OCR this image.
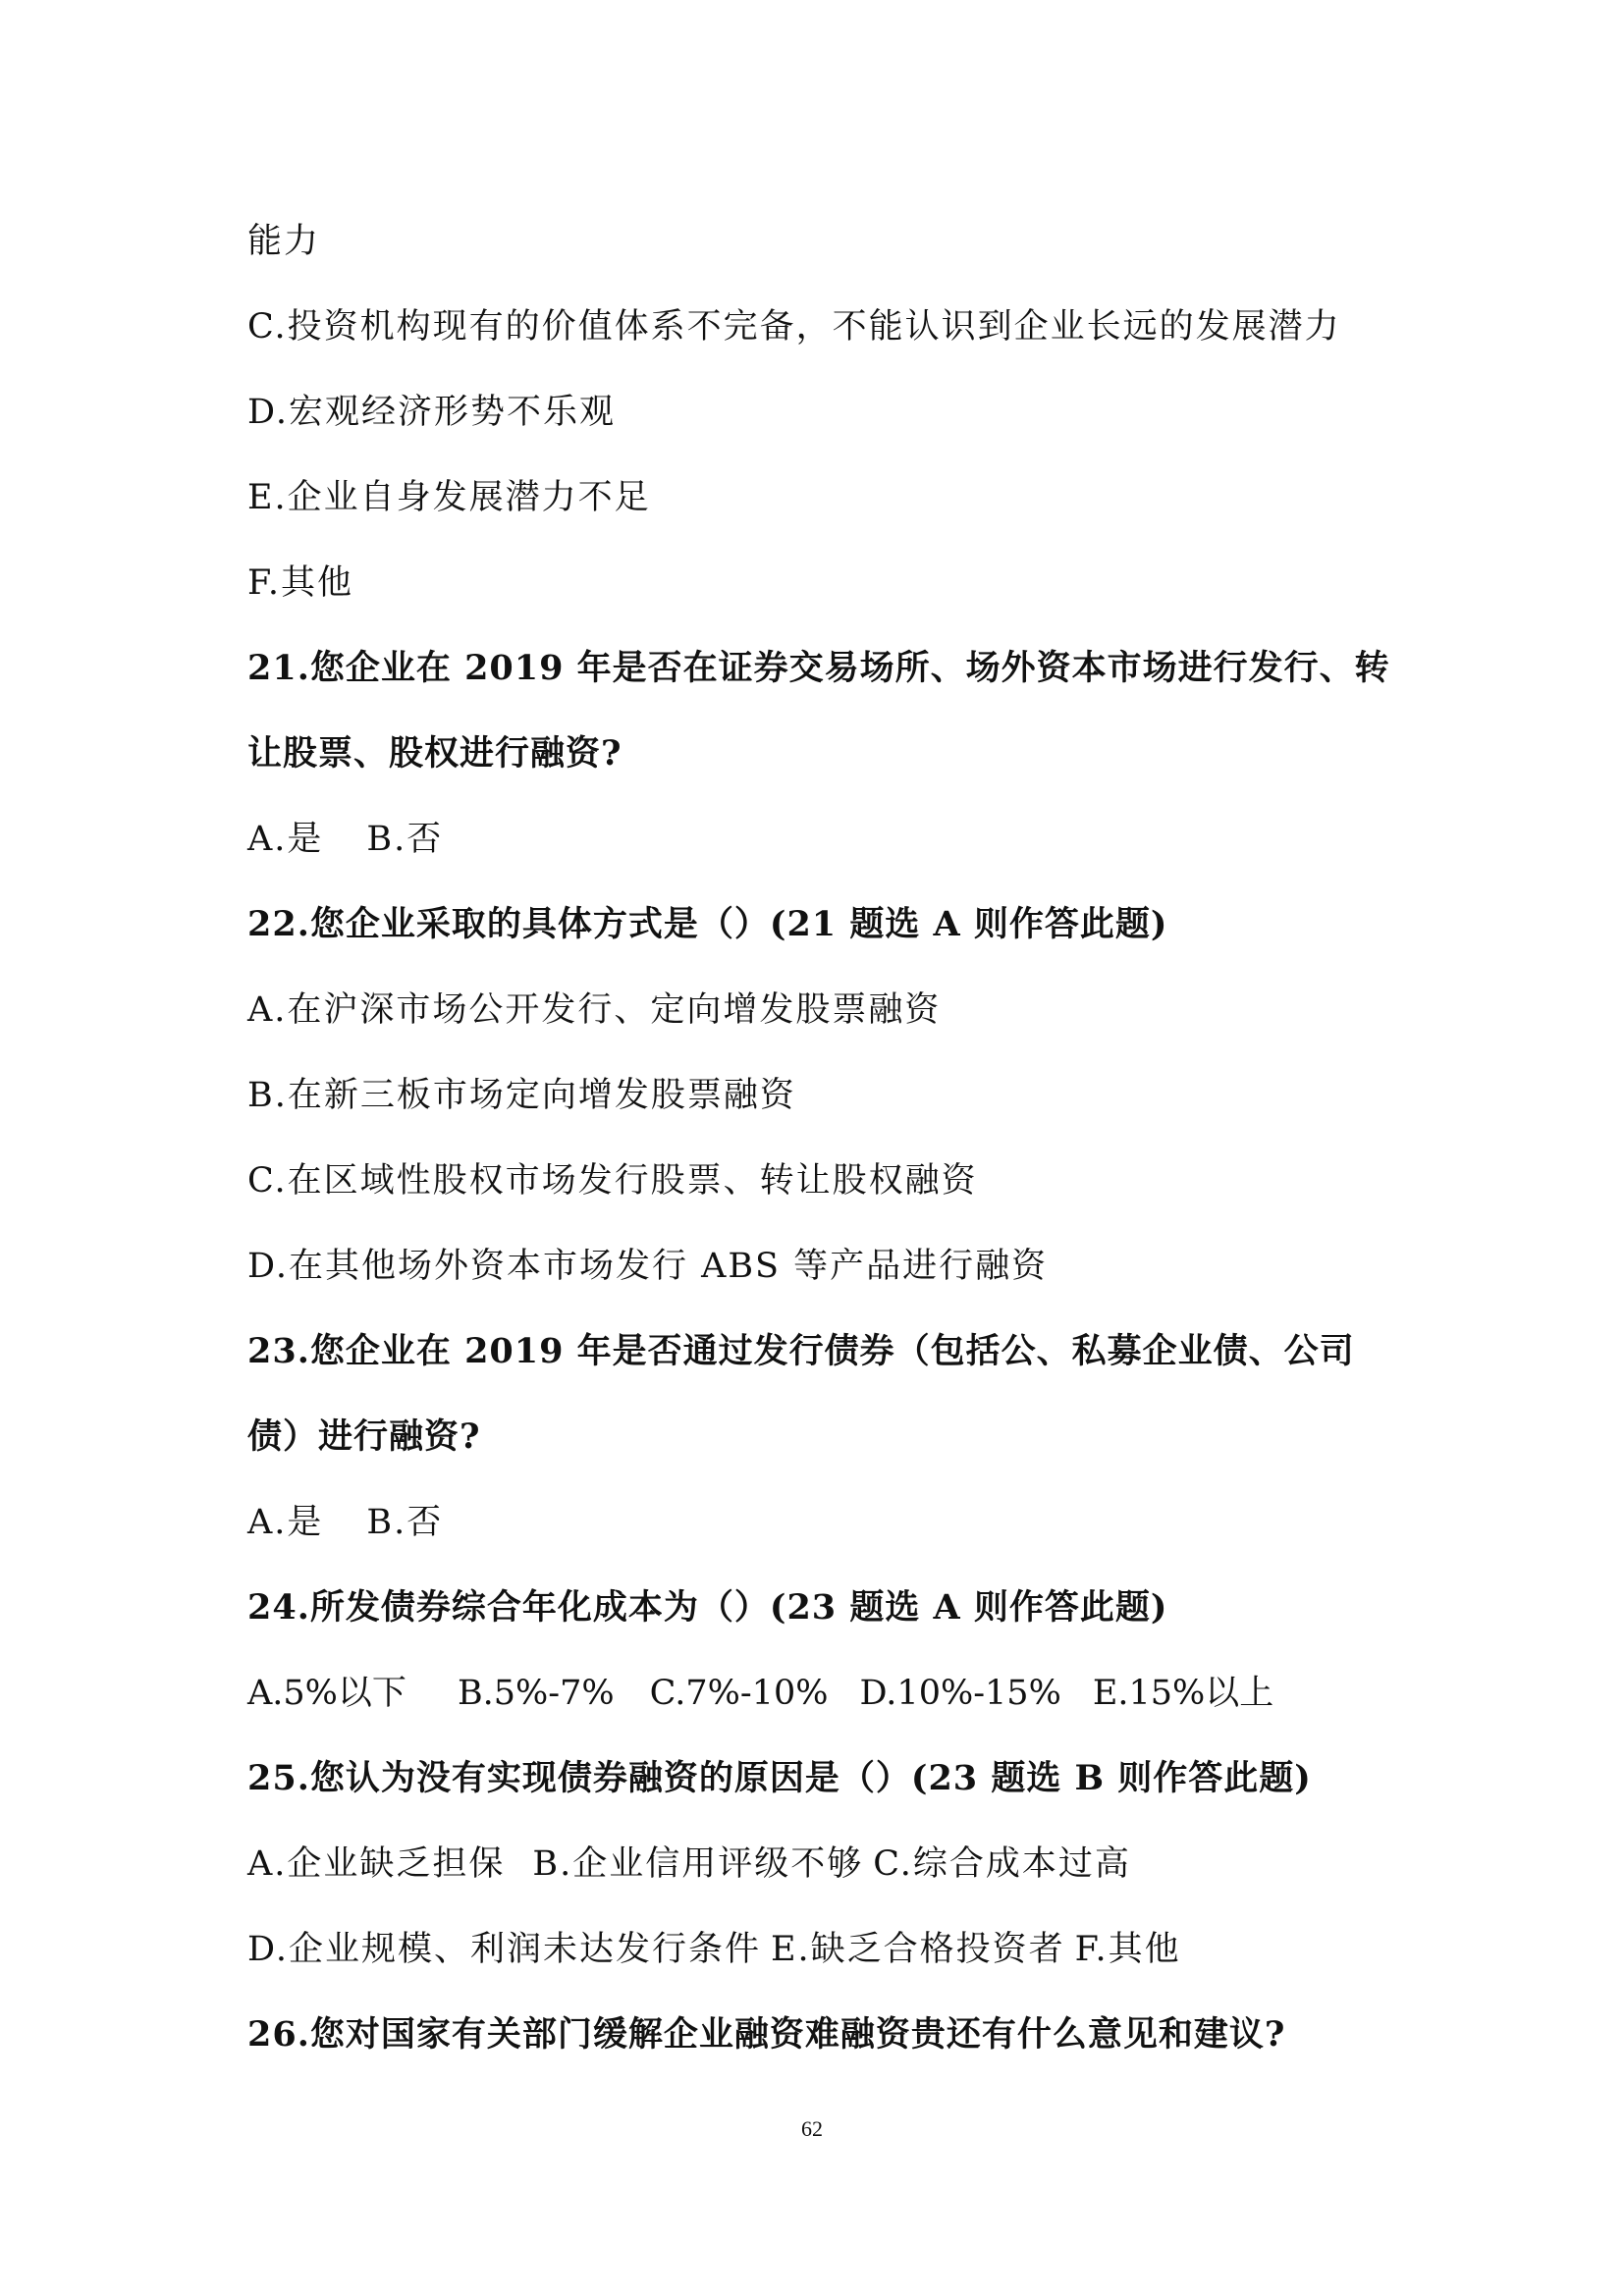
能力
C.投资机构现有的价值体系不完备，不能认识到企业长远的发展潜力
D.宏观经济形势不乐观
E.企业自身发展潜力不足
F.其他
21.您企业在 2019 年是否在证券交易场所、场外资本市场进行发行、转
让股票、股权进行融资?
A.是 B.否
22.您企业采取的具体方式是（）(21 题选 A 则作答此题)
A.在沪深市场公开发行、定向增发股票融资
B.在新三板市场定向增发股票融资
C.在区域性股权市场发行股票、转让股权融资
D.在其他场外资本市场发行 ABS 等产品进行融资
23.您企业在 2019 年是否通过发行债券（包括公、私募企业债、公司
债）进行融资?
A.是 B.否
24.所发债券综合年化成本为（）(23 题选 A 则作答此题)
A.5%以下 B.5%-7% C.7%-10% D.10%-15% E.15%以上
25.您认为没有实现债券融资的原因是（）(23 题选 B 则作答此题)
A.企业缺乏担保 B.企业信用评级不够 C.综合成本过高
D.企业规模、利润未达发行条件 E.缺乏合格投资者 F.其他
26.您对国家有关部门缓解企业融资难融资贵还有什么意见和建议?
62
